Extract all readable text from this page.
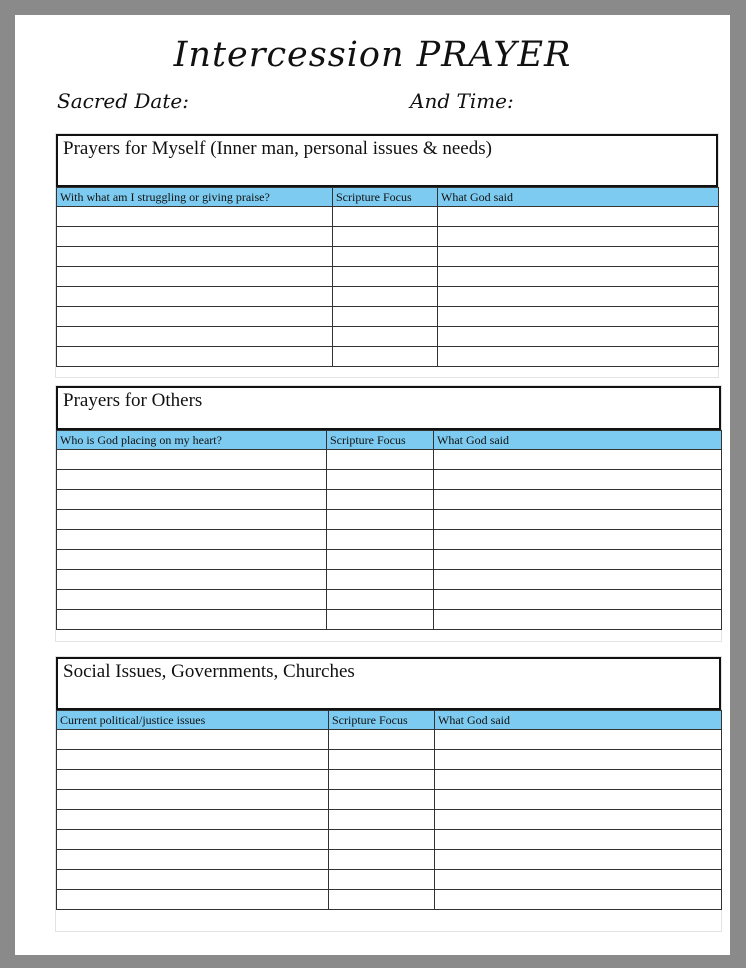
Intercession PRAYER
Sacred Date:	And Time:
Prayers for Myself (Inner man, personal issues & needs)
With what am I struggling or giving praise?	Scripture Focus	What God said

Prayers for Others
Who is God placing on my heart?	Scripture Focus	What God said

Social Issues, Governments, Churches
Current political/justice issues	Scripture Focus	What God said
